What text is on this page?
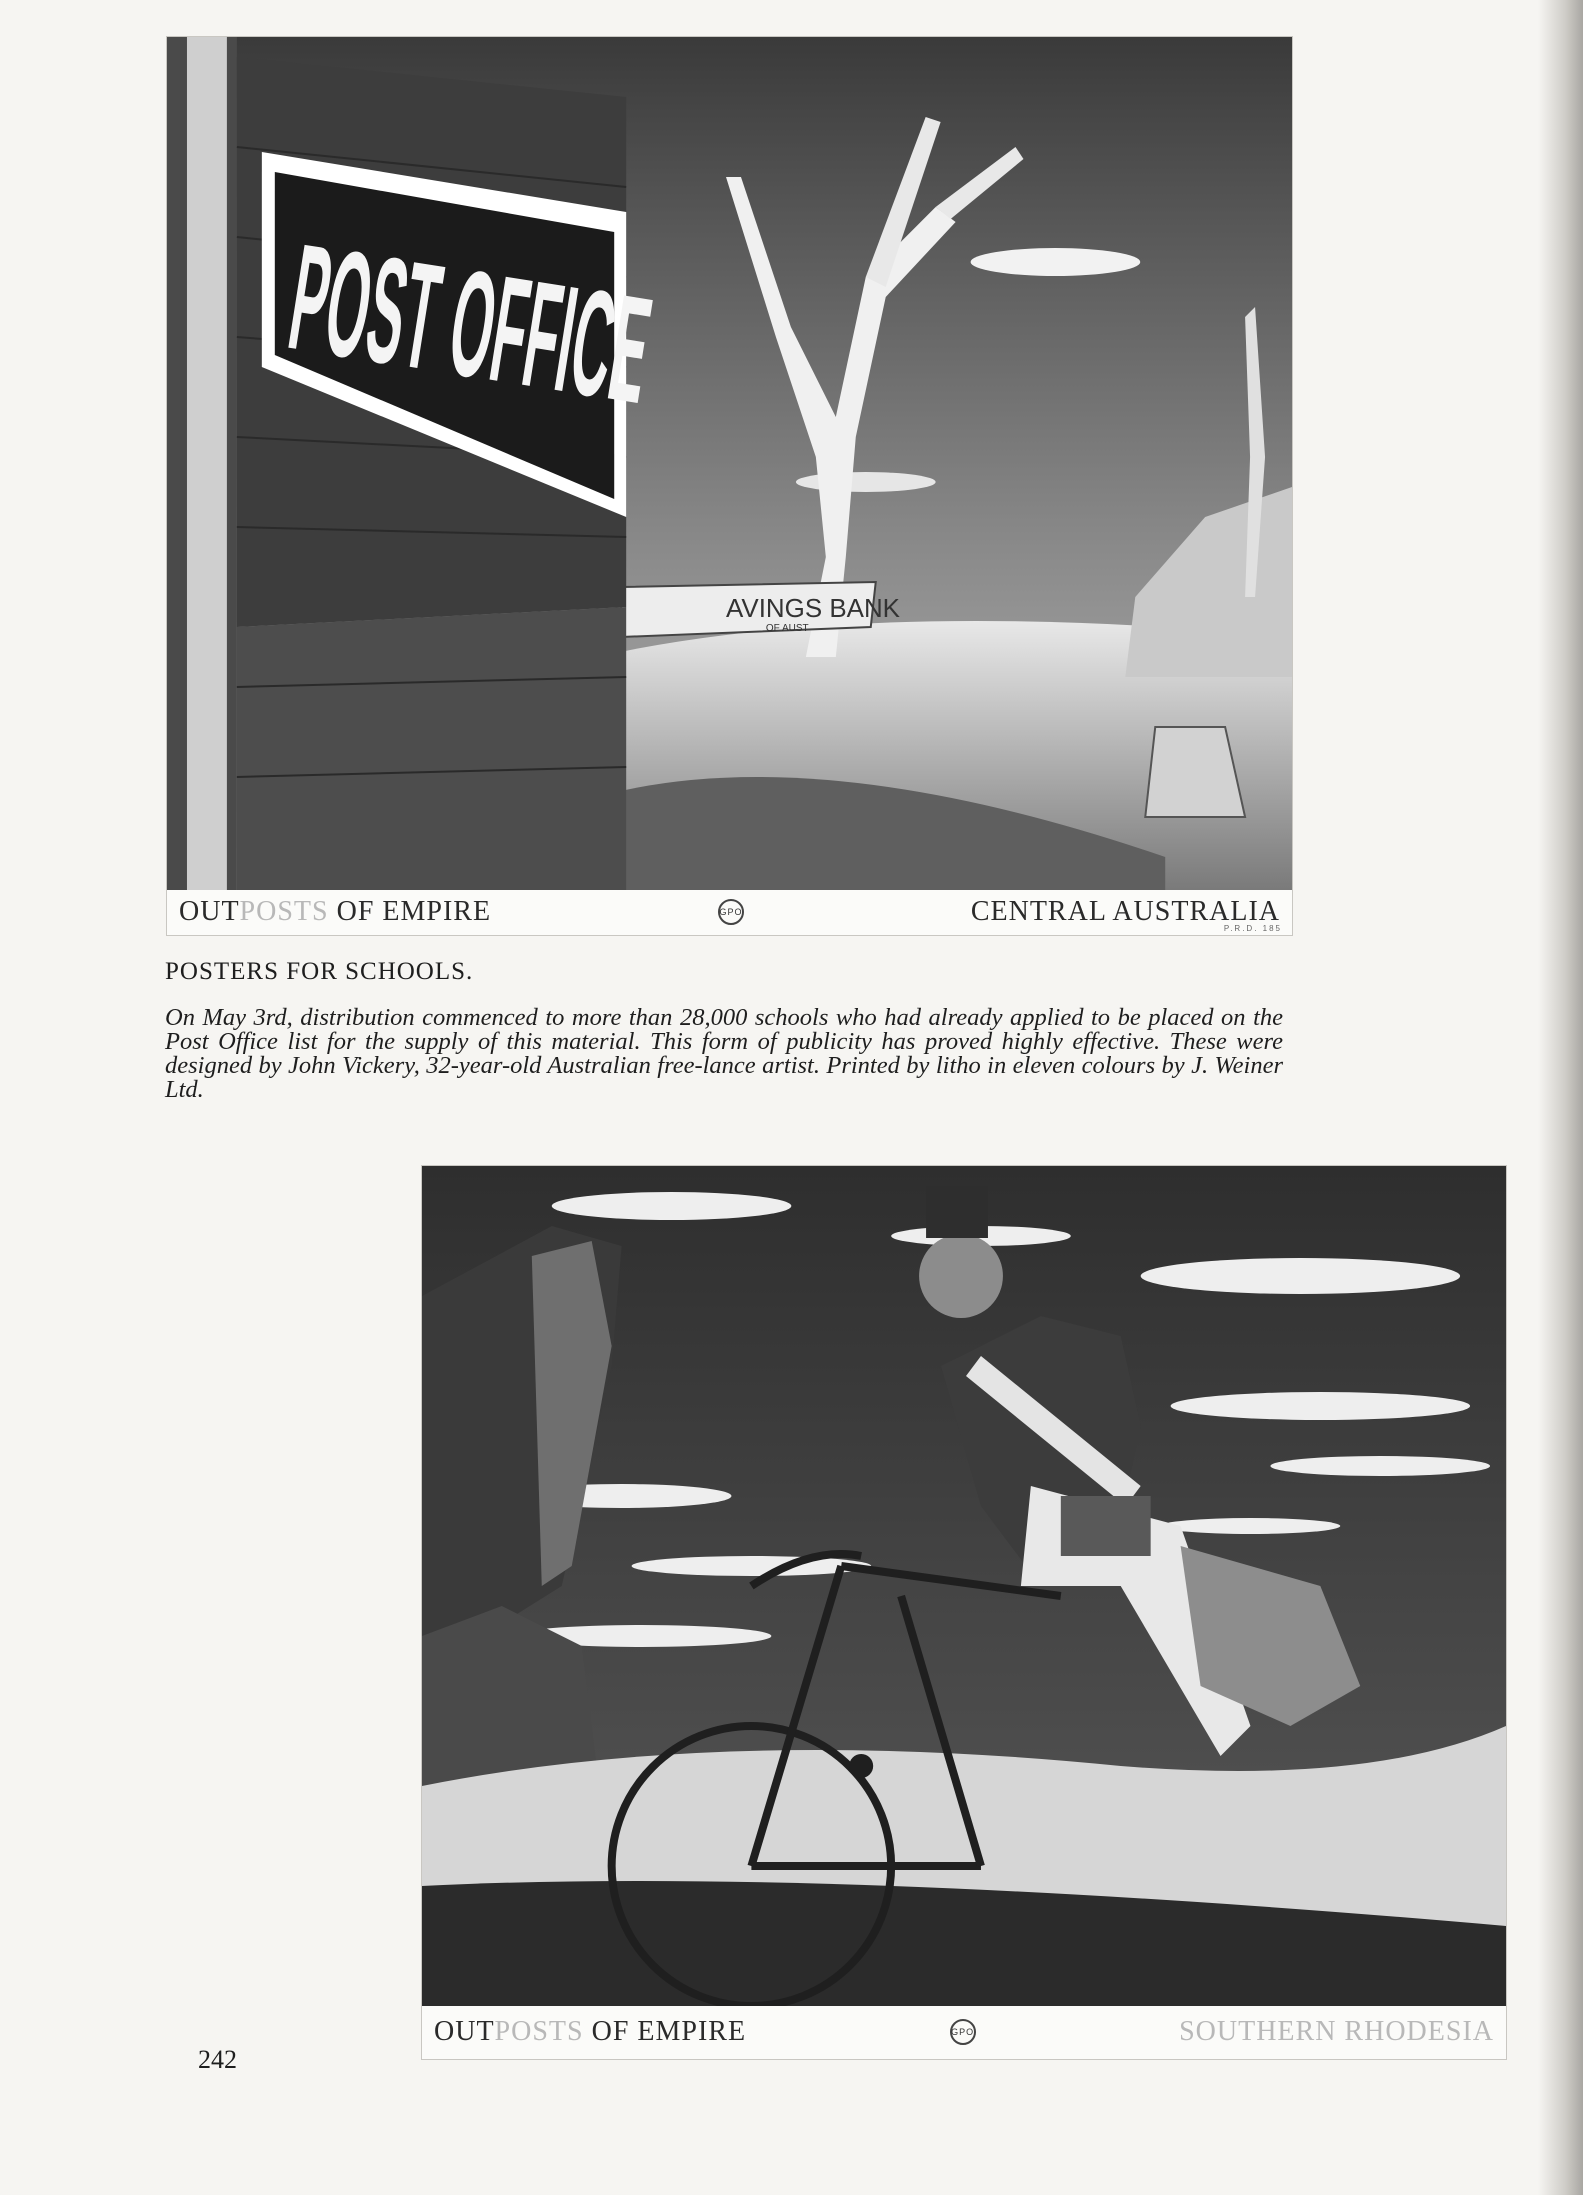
AVINGS BANK
OF AUST
POST OFFICE
OUTPOSTS OF EMPIRE	GPO	CENTRAL AUSTRALIA
P.R.D. 185
POSTERS FOR SCHOOLS.
On May 3rd, distribution commenced to more than 28,000 schools who had already applied to be placed on the Post Office list for the supply of this material. This form of publicity has proved highly effective. These were designed by John Vickery, 32-year-old Australian free-lance artist. Printed by litho in eleven colours by J. Weiner Ltd.
OUTPOSTS OF EMPIRE	GPO	SOUTHERN RHODESIA
242
